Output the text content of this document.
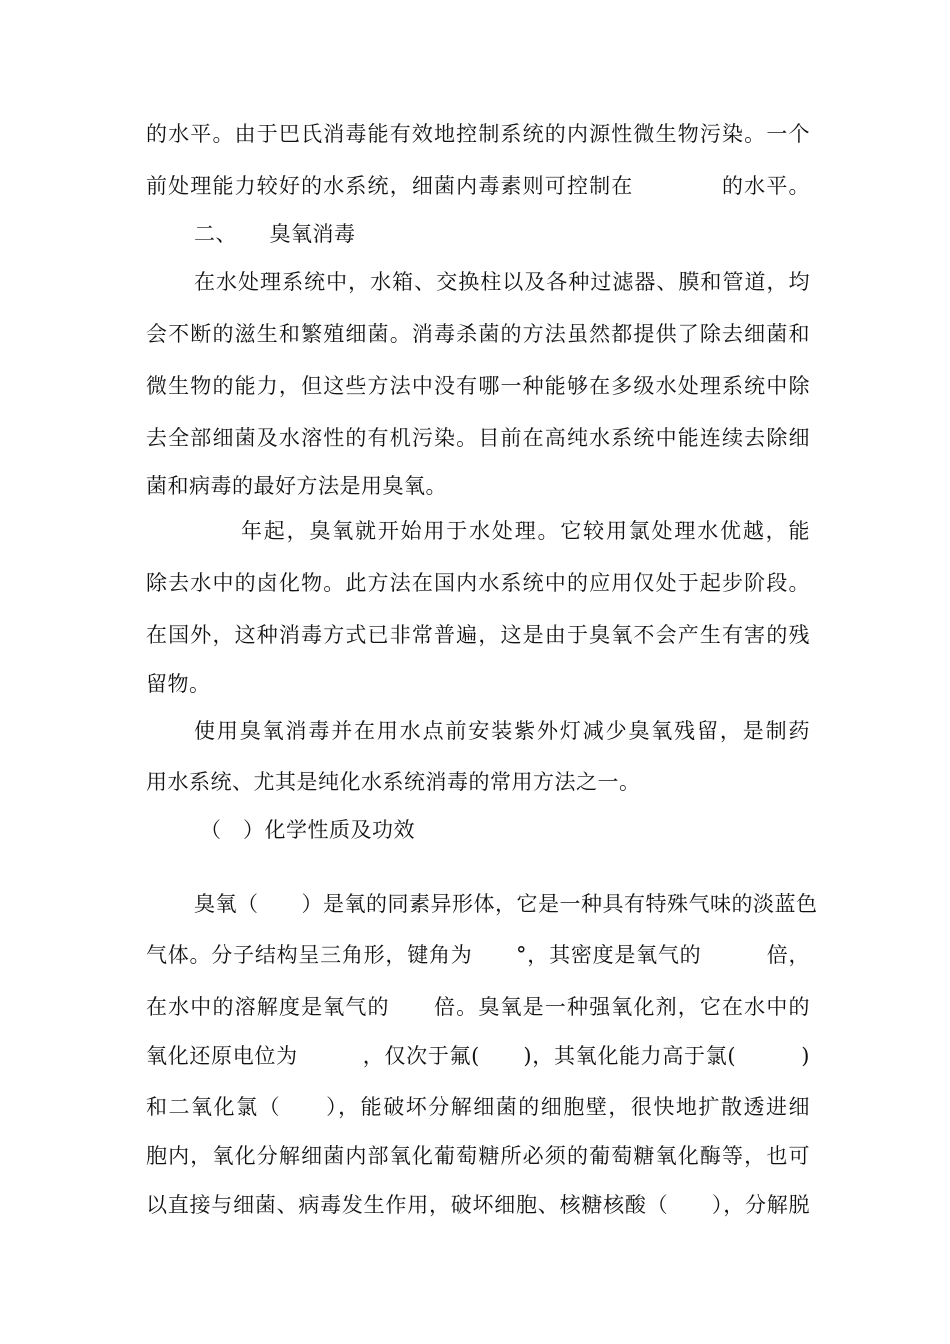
的水平。由于巴氏消毒能有效地控制系统的内源性微生物污染。一个
前处理能力较好的水系统，细菌内毒素则可控制在　　　　的水平。
二、　　臭氧消毒
在水处理系统中，水箱、交换柱以及各种过滤器、膜和管道，均
会不断的滋生和繁殖细菌。消毒杀菌的方法虽然都提供了除去细菌和
微生物的能力，但这些方法中没有哪一种能够在多级水处理系统中除
去全部细菌及水溶性的有机污染。目前在高纯水系统中能连续去除细
菌和病毒的最好方法是用臭氧。
年起，臭氧就开始用于水处理。它较用氯处理水优越，能
除去水中的卤化物。此方法在国内水系统中的应用仅处于起步阶段。
在国外，这种消毒方式已非常普遍，这是由于臭氧不会产生有害的残
留物。
使用臭氧消毒并在用水点前安装紫外灯减少臭氧残留，是制药
用水系统、尤其是纯化水系统消毒的常用方法之一。
（　）化学性质及功效
臭氧（　　）是氧的同素异形体，它是一种具有特殊气味的淡蓝色
气体。分子结构呈三角形，键角为　　°，其密度是氧气的　　　倍，
在水中的溶解度是氧气的　　倍。臭氧是一种强氧化剂，它在水中的
氧化还原电位为　　　，仅次于氟(　　)，其氧化能力高于氯(　　　)
和二氧化氯（　　），能破坏分解细菌的细胞壁，很快地扩散透进细
胞内，氧化分解细菌内部氧化葡萄糖所必须的葡萄糖氧化酶等，也可
以直接与细菌、病毒发生作用，破坏细胞、核糖核酸（　　），分解脱
